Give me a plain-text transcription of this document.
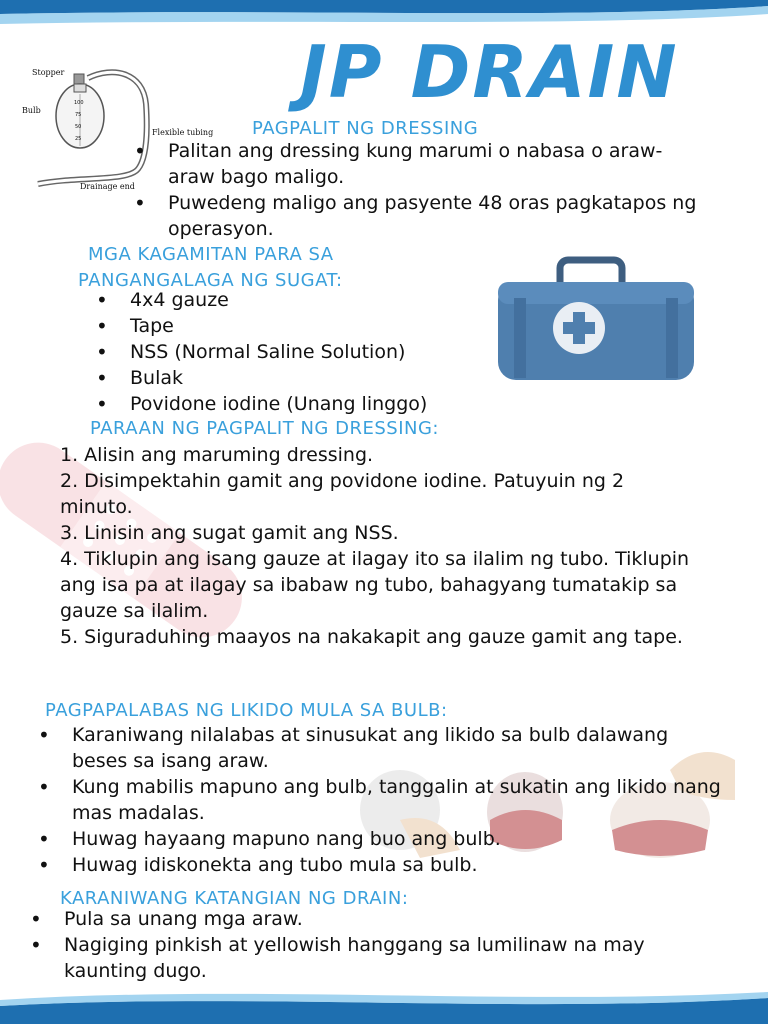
Stopper
Bulb
Flexible tubing
Drainage end
100
75
50
25
JP DRAIN
PAGPALIT NG DRESSING
• Palitan ang dressing kung marumi o nabasa o araw-araw bago maligo.
• Puwedeng maligo ang pasyente 48 oras pagkatapos ng operasyon.
MGA KAGAMITAN PARA SA
PANGANGALAGA NG SUGAT:
• 4x4 gauze
• Tape
• NSS (Normal Saline Solution)
• Bulak
• Povidone iodine (Unang linggo)
PARAAN NG PAGPALIT NG DRESSING:
1. Alisin ang maruming dressing.
2. Disimpektahin gamit ang povidone iodine. Patuyuin ng 2 minuto.
3. Linisin ang sugat gamit ang NSS.
4. Tiklupin ang isang gauze at ilagay ito sa ilalim ng tubo. Tiklupin ang isa pa at ilagay sa ibabaw ng tubo, bahagyang tumatakip sa gauze sa ilalim.
5. Siguraduhing maayos na nakakapit ang gauze gamit ang tape.
PAGPAPALABAS NG LIKIDO MULA SA BULB:
• Karaniwang nilalabas at sinusukat ang likido sa bulb dalawang beses sa isang araw.
• Kung mabilis mapuno ang bulb, tanggalin at sukatin ang likido nang mas madalas.
• Huwag hayaang mapuno nang buo ang bulb.
• Huwag idiskonekta ang tubo mula sa bulb.
KARANIWANG KATANGIAN NG DRAIN:
• Pula sa unang mga araw.
• Nagiging pinkish at yellowish hanggang sa lumilinaw na may kaunting dugo.
